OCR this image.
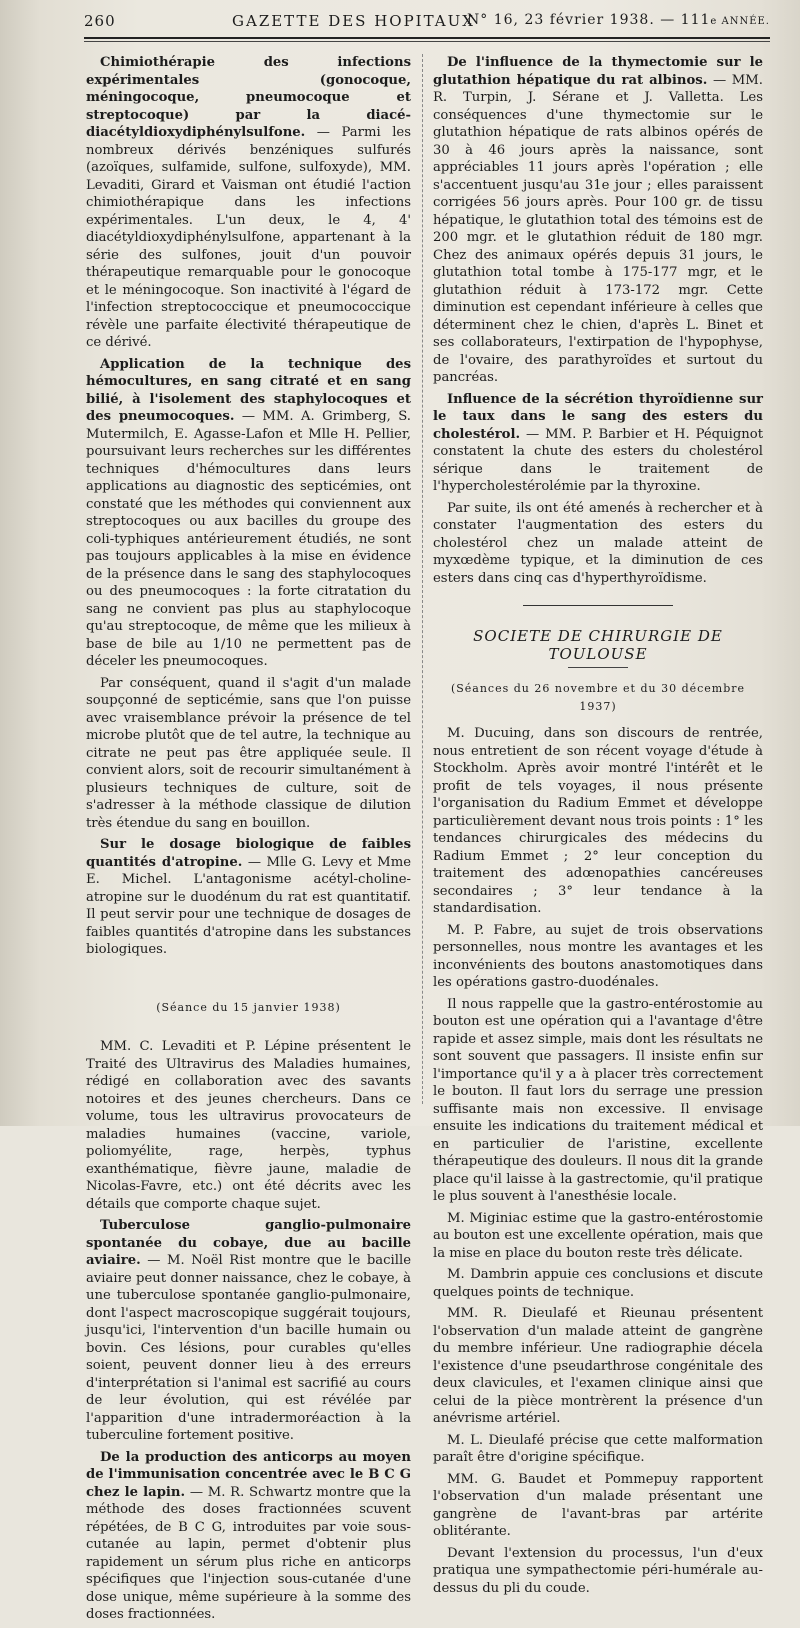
260	GAZETTE DES HOPITAUX
N° 16, 23 février 1938. — 111e ANNÉE.

Chimiothérapie des infections expérimentales (gonocoque, méningocoque, pneumocoque et streptocoque) par la diacé-diacétyldioxydiphénylsulfone. — Parmi les nombreux dérivés benzéniques sulfurés (azoïques, sulfamide, sulfone, sulfoxyde), MM. Levaditi, Girard et Vaisman ont étudié l'action chimiothérapique dans les infections expérimentales. L'un deux, le 4, 4' diacétyldioxydiphénylsulfone, appartenant à la série des sulfones, jouit d'un pouvoir thérapeutique remarquable pour le gonocoque et le méningocoque. Son inactivité à l'égard de l'infection streptococcique et pneumococcique révèle une parfaite électivité thérapeutique de ce dérivé.

Application de la technique des hémocultures, en sang citraté et en sang bilié, à l'isolement des staphylocoques et des pneumocoques. — MM. A. Grimberg, S. Mutermilch, E. Agasse-Lafon et Mlle H. Pellier, poursuivant leurs recherches sur les différentes techniques d'hémocultures dans leurs applications au diagnostic des septicémies, ont constaté que les méthodes qui conviennent aux streptocoques ou aux bacilles du groupe des coli-typhiques antérieurement étudiés, ne sont pas toujours applicables à la mise en évidence de la présence dans le sang des staphylocoques ou des pneumocoques : la forte citratation du sang ne convient pas plus au staphylocoque qu'au streptocoque, de même que les milieux à base de bile au 1/10 ne permettent pas de déceler les pneumocoques.

Par conséquent, quand il s'agit d'un malade soupçonné de septicémie, sans que l'on puisse avec vraisemblance prévoir la présence de tel microbe plutôt que de tel autre, la technique au citrate ne peut pas être appliquée seule. Il convient alors, soit de recourir simultanément à plusieurs techniques de culture, soit de s'adresser à la méthode classique de dilution très étendue du sang en bouillon.

Sur le dosage biologique de faibles quantités d'atropine. — Mlle G. Levy et Mme E. Michel. L'antagonisme acétyl-choline-atropine sur le duodénum du rat est quantitatif. Il peut servir pour une technique de dosages de faibles quantités d'atropine dans les substances biologiques.

(Séance du 15 janvier 1938)

MM. C. Levaditi et P. Lépine présentent le Traité des Ultravirus des Maladies humaines, rédigé en collaboration avec des savants notoires et des jeunes chercheurs. Dans ce volume, tous les ultravirus provocateurs de maladies humaines (vaccine, variole, poliomyélite, rage, herpès, typhus exanthématique, fièvre jaune, maladie de Nicolas-Favre, etc.) ont été décrits avec les détails que comporte chaque sujet.

Tuberculose ganglio-pulmonaire spontanée du cobaye, due au bacille aviaire. — M. Noël Rist montre que le bacille aviaire peut donner naissance, chez le cobaye, à une tuberculose spontanée ganglio-pulmonaire, dont l'aspect macroscopique suggérait toujours, jusqu'ici, l'intervention d'un bacille humain ou bovin. Ces lésions, pour curables qu'elles soient, peuvent donner lieu à des erreurs d'interprétation si l'animal est sacrifié au cours de leur évolution, qui est révélée par l'apparition d'une intradermoréaction à la tuberculine fortement positive.

De la production des anticorps au moyen de l'immunisation concentrée avec le B C G chez le lapin. — M. R. Schwartz montre que la méthode des doses fractionnées scuvent répétées, de B C G, introduites par voie sous-cutanée au lapin, permet d'obtenir plus rapidement un sérum plus riche en anticorps spécifiques que l'injection sous-cutanée d'une dose unique, même supérieure à la somme des doses fractionnées.

De l'influence de la thymectomie sur le glutathion hépatique du rat albinos. — MM. R. Turpin, J. Sérane et J. Valletta. Les conséquences d'une thymectomie sur le glutathion hépatique de rats albinos opérés de 30 à 46 jours après la naissance, sont appréciables 11 jours après l'opération ; elle s'accentuent jusqu'au 31e jour ; elles paraissent corrigées 56 jours après. Pour 100 gr. de tissu hépatique, le glutathion total des témoins est de 200 mgr. et le glutathion réduit de 180 mgr. Chez des animaux opérés depuis 31 jours, le glutathion total tombe à 175-177 mgr, et le glutathion réduit à 173-172 mgr. Cette diminution est cependant inférieure à celles que déterminent chez le chien, d'après L. Binet et ses collaborateurs, l'extirpation de l'hypophyse, de l'ovaire, des parathyroïdes et surtout du pancréas.

Influence de la sécrétion thyroïdienne sur le taux dans le sang des esters du cholestérol. — MM. P. Barbier et H. Péquignot constatent la chute des esters du cholestérol sérique dans le traitement de l'hypercholestérolémie par la thyroxine.

Par suite, ils ont été amenés à rechercher et à constater l'augmentation des esters du cholestérol chez un malade atteint de myxœdème typique, et la diminution de ces esters dans cinq cas d'hyperthyroïdisme.

SOCIETE DE CHIRURGIE DE TOULOUSE
(Séances du 26 novembre et du 30 décembre 1937)

M. Ducuing, dans son discours de rentrée, nous entretient de son récent voyage d'étude à Stockholm. Après avoir montré l'intérêt et le profit de tels voyages, il nous présente l'organisation du Radium Emmet et développe particulièrement devant nous trois points : 1° les tendances chirurgicales des médecins du Radium Emmet ; 2° leur conception du traitement des adœnopathies cancéreuses secondaires ; 3° leur tendance à la standardisation.

M. P. Fabre, au sujet de trois observations personnelles, nous montre les avantages et les inconvénients des boutons anastomotiques dans les opérations gastro-duodénales.

Il nous rappelle que la gastro-entérostomie au bouton est une opération qui a l'avantage d'être rapide et assez simple, mais dont les résultats ne sont souvent que passagers. Il insiste enfin sur l'importance qu'il y a à placer très correctement le bouton. Il faut lors du serrage une pression suffisante mais non excessive. Il envisage ensuite les indications du traitement médical et en particulier de l'aristine, excellente thérapeutique des douleurs. Il nous dit la grande place qu'il laisse à la gastrectomie, qu'il pratique le plus souvent à l'anesthésie locale.

M. Miginiac estime que la gastro-entérostomie au bouton est une excellente opération, mais que la mise en place du bouton reste très délicate.

M. Dambrin appuie ces conclusions et discute quelques points de technique.

MM. R. Dieulafé et Rieunau présentent l'observation d'un malade atteint de gangrène du membre inférieur. Une radiographie décela l'existence d'une pseudarthrose congénitale des deux clavicules, et l'examen clinique ainsi que celui de la pièce montrèrent la présence d'un anévrisme artériel.

M. L. Dieulafé précise que cette malformation paraît être d'origine spécifique.

MM. G. Baudet et Pommepuy rapportent l'observation d'un malade présentant une gangrène de l'avant-bras par artérite oblitérante.

Devant l'extension du processus, l'un d'eux pratiqua une sympathectomie péri-humérale au-dessus du pli du coude.
